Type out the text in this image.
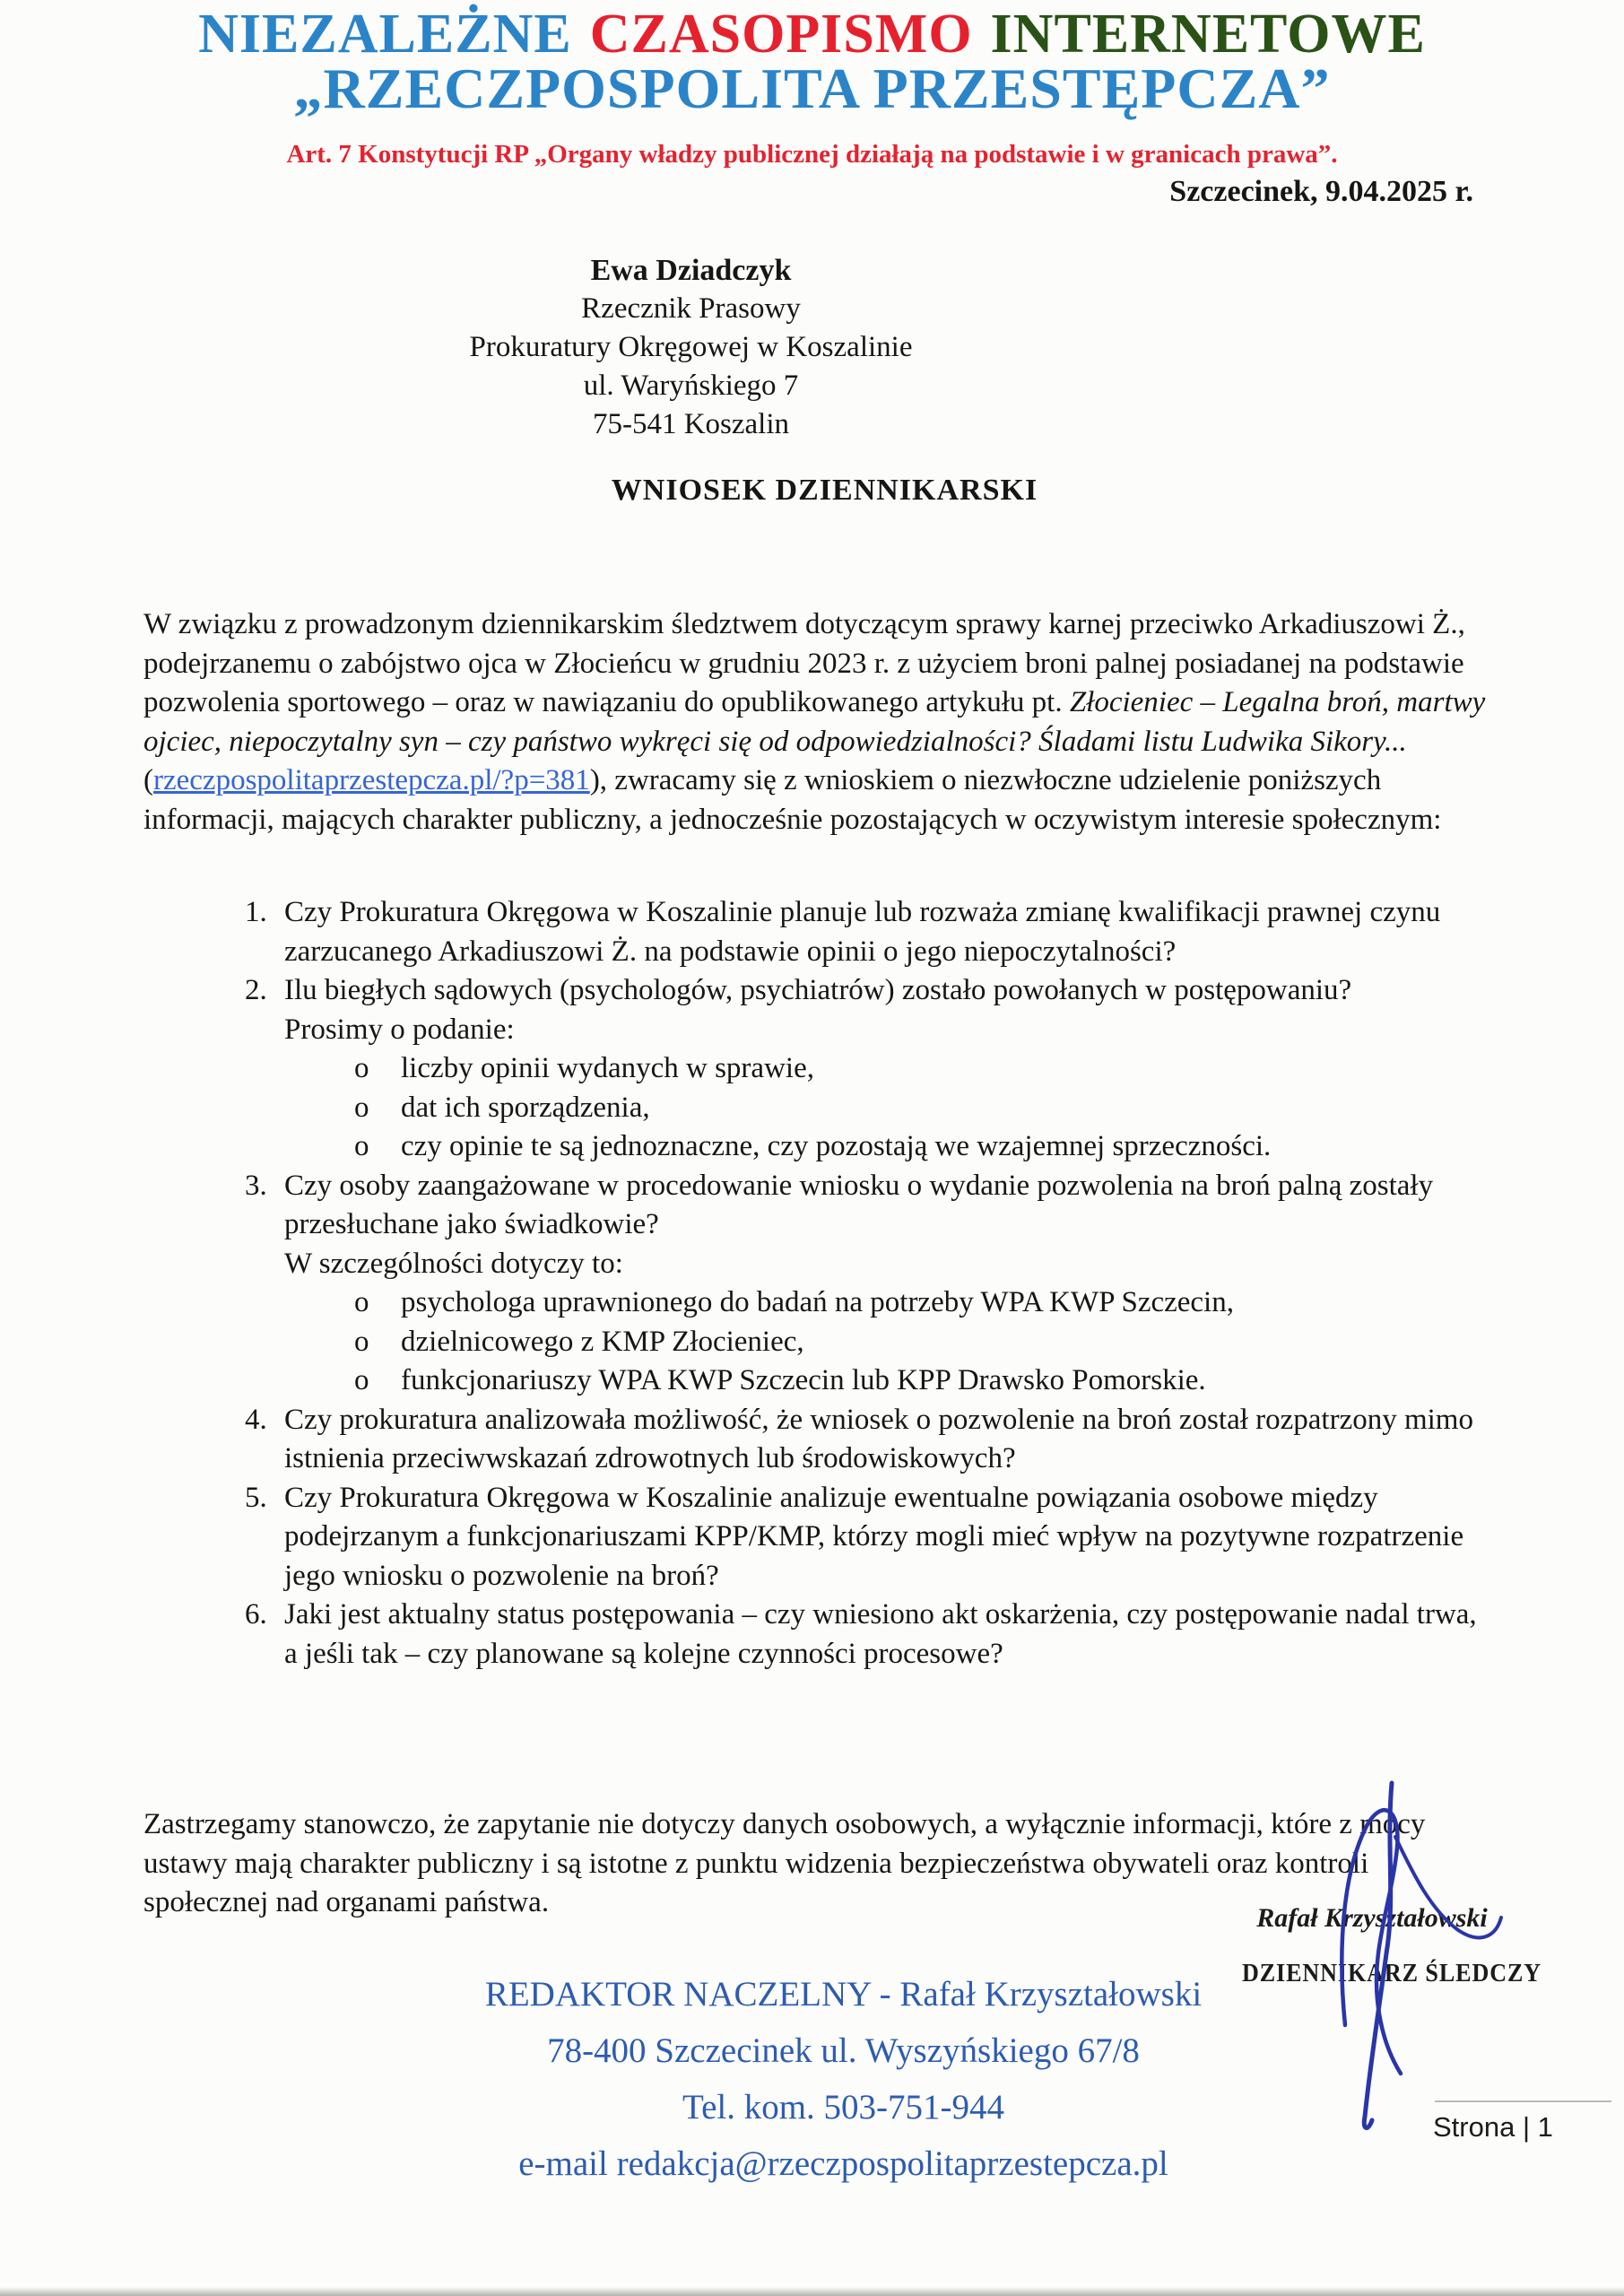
NIEZALEŻNE CZASOPISMO INTERNETOWE
„RZECZPOSPOLITA PRZESTĘPCZA”
Art. 7 Konstytucji RP „Organy władzy publicznej działają na podstawie i w granicach prawa”.
Szczecinek, 9.04.2025 r.
Ewa Dziadczyk
Rzecznik Prasowy
Prokuratury Okręgowej w Koszalinie
ul. Waryńskiego 7
75-541 Koszalin
WNIOSEK DZIENNIKARSKI

W związku z prowadzonym dziennikarskim śledztwem dotyczącym sprawy karnej przeciwko Arkadiuszowi Ż., podejrzanemu o zabójstwo ojca w Złocieńcu w grudniu 2023 r. z użyciem broni palnej posiadanej na podstawie pozwolenia sportowego – oraz w nawiązaniu do opublikowanego artykułu pt. Złocieniec – Legalna broń, martwy ojciec, niepoczytalny syn – czy państwo wykręci się od odpowiedzialności? Śladami listu Ludwika Sikory... (rzeczpospolitaprzestepcza.pl/?p=381), zwracamy się z wnioskiem o niezwłoczne udzielenie poniższych informacji, mających charakter publiczny, a jednocześnie pozostających w oczywistym interesie społecznym:

1. Czy Prokuratura Okręgowa w Koszalinie planuje lub rozważa zmianę kwalifikacji prawnej czynu zarzucanego Arkadiuszowi Ż. na podstawie opinii o jego niepoczytalności?
2. Ilu biegłych sądowych (psychologów, psychiatrów) zostało powołanych w postępowaniu?
Prosimy o podanie:
o	liczby opinii wydanych w sprawie,
o	dat ich sporządzenia,
o	czy opinie te są jednoznaczne, czy pozostają we wzajemnej sprzeczności.
3. Czy osoby zaangażowane w procedowanie wniosku o wydanie pozwolenia na broń palną zostały przesłuchane jako świadkowie?
W szczególności dotyczy to:
o	psychologa uprawnionego do badań na potrzeby WPA KWP Szczecin,
o	dzielnicowego z KMP Złocieniec,
o	funkcjonariuszy WPA KWP Szczecin lub KPP Drawsko Pomorskie.
4. Czy prokuratura analizowała możliwość, że wniosek o pozwolenie na broń został rozpatrzony mimo istnienia przeciwwskazań zdrowotnych lub środowiskowych?
5. Czy Prokuratura Okręgowa w Koszalinie analizuje ewentualne powiązania osobowe między podejrzanym a funkcjonariuszami KPP/KMP, którzy mogli mieć wpływ na pozytywne rozpatrzenie jego wniosku o pozwolenie na broń?
6. Jaki jest aktualny status postępowania – czy wniesiono akt oskarżenia, czy postępowanie nadal trwa, a jeśli tak – czy planowane są kolejne czynności procesowe?

Zastrzegamy stanowczo, że zapytanie nie dotyczy danych osobowych, a wyłącznie informacji, które z mocy ustawy mają charakter publiczny i są istotne z punktu widzenia bezpieczeństwa obywateli oraz kontroli społecznej nad organami państwa.	Rafał Krzyształowski
DZIENNIKARZ ŚLEDCZY
REDAKTOR NACZELNY - Rafał Krzyształowski
78-400 Szczecinek ul. Wyszyńskiego 67/8
Tel. kom. 503-751-944
e-mail redakcja@rzeczpospolitaprzestepcza.pl
Strona | 1
